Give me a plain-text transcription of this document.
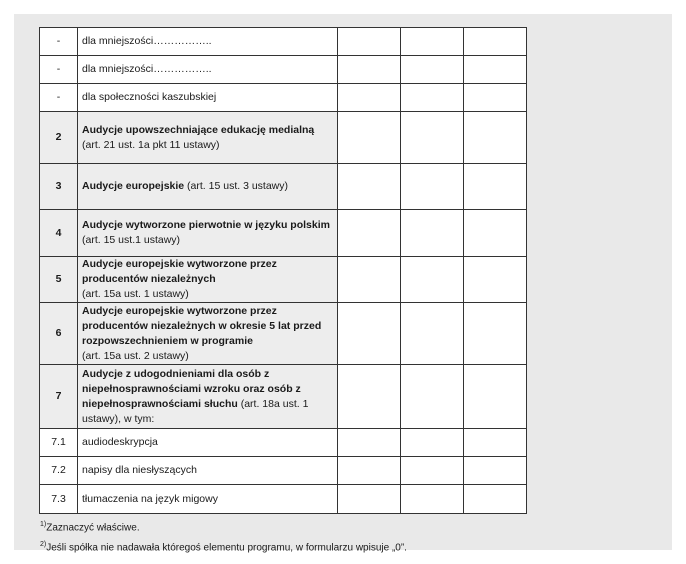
-	dla mniejszości……………..			
-	dla mniejszości……………..			
-	dla społeczności kaszubskiej			
2	Audycje upowszechniające edukację medialną
(art. 21 ust. 1a pkt 11 ustawy)			
3	Audycje europejskie (art. 15 ust. 3 ustawy)			
4	Audycje wytworzone pierwotnie w języku polskim
(art. 15 ust.1 ustawy)			
5	Audycje europejskie wytworzone przez producentów niezależnych
(art. 15a ust. 1 ustawy)			
6	Audycje europejskie wytworzone przez producentów niezależnych w okresie 5 lat przed rozpowszechnieniem w programie
(art. 15a ust. 2 ustawy)			
7	Audycje z udogodnieniami dla osób z niepełnosprawnościami wzroku oraz osób z niepełnosprawnościami słuchu (art. 18a ust. 1 ustawy), w tym:			
7.1	audiodeskrypcja			
7.2	napisy dla niesłyszących			
7.3	tłumaczenia na język migowy			
$^{1)}$Zaznaczyć właściwe.
$^{2)}$Jeśli spółka nie nadawała któregoś elementu programu, w formularzu wpisuje „0”.
